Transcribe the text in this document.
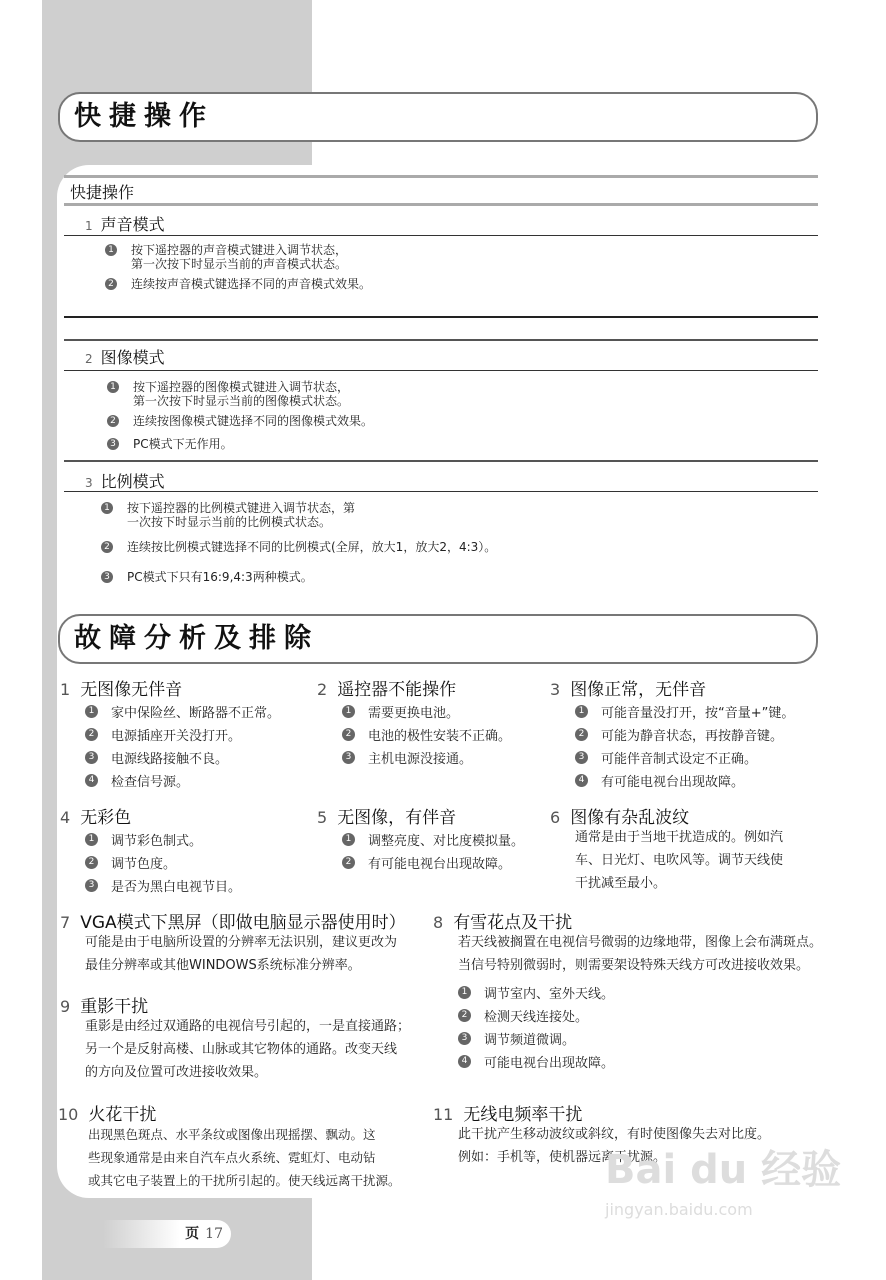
快捷操作
快捷操作
1 声音模式
1 按下遥控器的声音模式键进入调节状态，
第一次按下时显示当前的声音模式状态。
2 连续按声音模式键选择不同的声音模式效果。
2 图像模式
1 按下遥控器的图像模式键进入调节状态，
第一次按下时显示当前的图像模式状态。
2 连续按图像模式键选择不同的图像模式效果。
3 PC模式下无作用。
3 比例模式
1 按下遥控器的比例模式键进入调节状态，第
一次按下时显示当前的比例模式状态。
2 连续按比例模式键选择不同的比例模式(全屏，放大1，放大2，4:3）。
3 PC模式下只有16:9,4:3两种模式。
故障分析及排除
1 无图像无伴音
1 家中保险丝、断路器不正常。
2 电源插座开关没打开。
3 电源线路接触不良。
4 检查信号源。
2 遥控器不能操作
1 需要更换电池。
2 电池的极性安装不正确。
3 主机电源没接通。
3 图像正常，无伴音
1 可能音量没打开，按“音量+”键。
2 可能为静音状态，再按静音键。
3 可能伴音制式设定不正确。
4 有可能电视台出现故障。
4 无彩色
1 调节彩色制式。
2 调节色度。
3 是否为黑白电视节目。
5 无图像，有伴音
1 调整亮度、对比度模拟量。
2 有可能电视台出现故障。
6 图像有杂乱波纹
通常是由于当地干扰造成的。例如汽
车、日光灯、电吹风等。调节天线使
干扰减至最小。
7 VGA模式下黑屏（即做电脑显示器使用时）
可能是由于电脑所设置的分辨率无法识别，建议更改为
最佳分辨率或其他WINDOWS系统标准分辨率。
8 有雪花点及干扰
若天线被搁置在电视信号微弱的边缘地带，图像上会布满斑点。
当信号特别微弱时，则需要架设特殊天线方可改进接收效果。
1 调节室内、室外天线。
2 检测天线连接处。
3 调节频道微调。
4 可能电视台出现故障。
9 重影干扰
重影是由经过双通路的电视信号引起的，一是直接通路；
另一个是反射高楼、山脉或其它物体的通路。改变天线
的方向及位置可改进接收效果。
10 火花干扰
出现黑色斑点、水平条纹或图像出现摇摆、飘动。这
些现象通常是由来自汽车点火系统、霓虹灯、电动钻
或其它电子装置上的干扰所引起的。使天线远离干扰源。
11 无线电频率干扰
此干扰产生移动波纹或斜纹，有时使图像失去对比度。
例如：手机等，使机器远离干扰源。
页 17
Bai du 经验
jingyan.baidu.com
